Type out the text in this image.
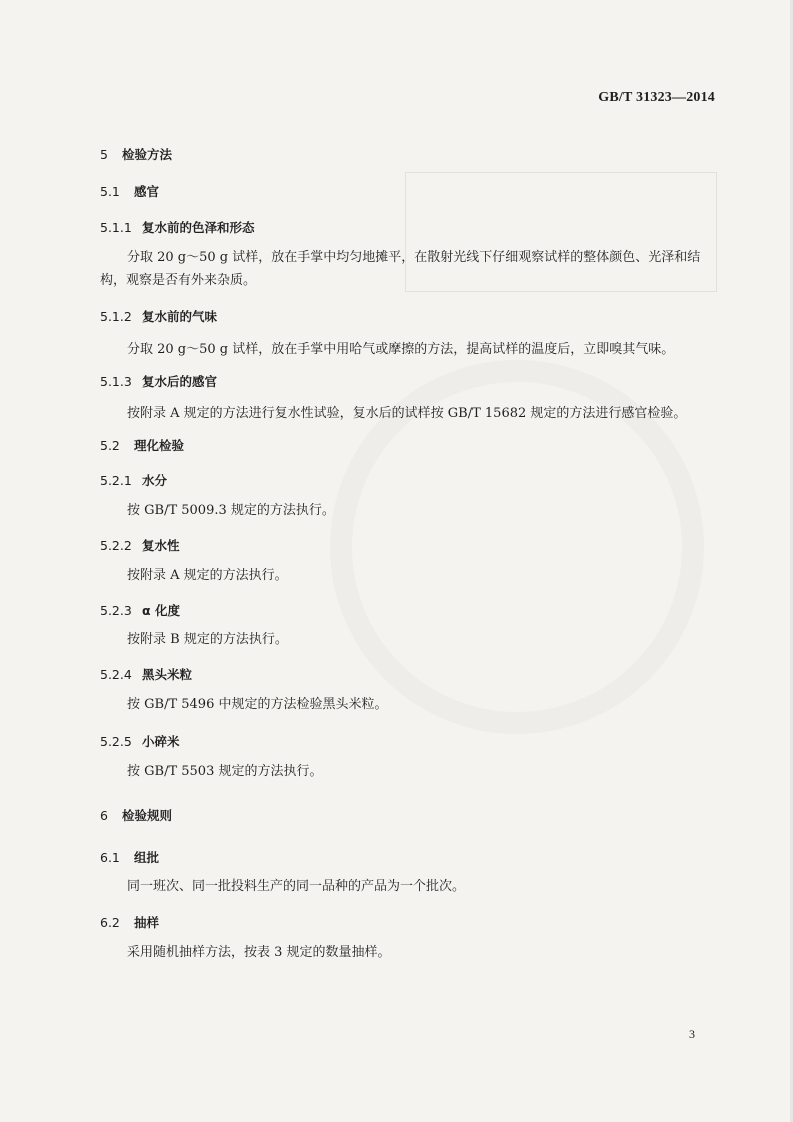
GB/T 31323—2014
5 检验方法
5.1 感官
5.1.1 复水前的色泽和形态
分取 20 g～50 g 试样，放在手掌中均匀地摊平，在散射光线下仔细观察试样的整体颜色、光泽和结
构，观察是否有外来杂质。
5.1.2 复水前的气味
分取 20 g～50 g 试样，放在手掌中用哈气或摩擦的方法，提高试样的温度后，立即嗅其气味。
5.1.3 复水后的感官
按附录 A 规定的方法进行复水性试验，复水后的试样按 GB/T 15682 规定的方法进行感官检验。
5.2 理化检验
5.2.1 水分
按 GB/T 5009.3 规定的方法执行。
5.2.2 复水性
按附录 A 规定的方法执行。
5.2.3 α 化度
按附录 B 规定的方法执行。
5.2.4 黑头米粒
按 GB/T 5496 中规定的方法检验黑头米粒。
5.2.5 小碎米
按 GB/T 5503 规定的方法执行。
6 检验规则
6.1 组批
同一班次、同一批投料生产的同一品种的产品为一个批次。
6.2 抽样
采用随机抽样方法，按表 3 规定的数量抽样。
3
